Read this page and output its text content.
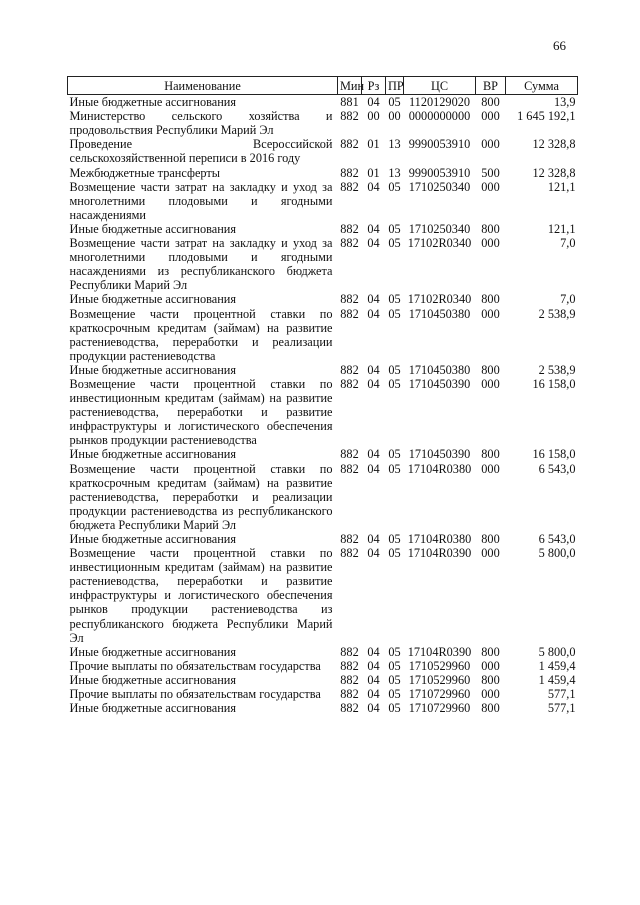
66
Наименование	Мин	Рз	ПР	ЦС	ВР	Сумма
Иные бюджетные ассигнования	881	04	05	1120129020	800	13,9
Министерство сельского хозяйства и продовольствия Республики Марий Эл	882	00	00	0000000000	000	1 645 192,1
Проведение Всероссийской сельскохозяйственной переписи в 2016 году	882	01	13	9990053910	000	12 328,8
Межбюджетные трансферты	882	01	13	9990053910	500	12 328,8
Возмещение части затрат на закладку и уход за многолетними плодовыми и ягодными насаждениями	882	04	05	1710250340	000	121,1
Иные бюджетные ассигнования	882	04	05	1710250340	800	121,1
Возмещение части затрат на закладку и уход за многолетними плодовыми и ягодными насаждениями из республиканского бюджета Республики Марий Эл	882	04	05	17102R0340	000	7,0
Иные бюджетные ассигнования	882	04	05	17102R0340	800	7,0
Возмещение части процентной ставки по краткосрочным кредитам (займам) на развитие растениеводства, переработки и реализации продукции растениеводства	882	04	05	1710450380	000	2 538,9
Иные бюджетные ассигнования	882	04	05	1710450380	800	2 538,9
Возмещение части процентной ставки по инвестиционным кредитам (займам) на развитие растениеводства, переработки и развитие инфраструктуры и логистического обеспечения рынков продукции растениеводства	882	04	05	1710450390	000	16 158,0
Иные бюджетные ассигнования	882	04	05	1710450390	800	16 158,0
Возмещение части процентной ставки по краткосрочным кредитам (займам) на развитие растениеводства, переработки и реализации продукции растениеводства из республиканского бюджета Республики Марий Эл	882	04	05	17104R0380	000	6 543,0
Иные бюджетные ассигнования	882	04	05	17104R0380	800	6 543,0
Возмещение части процентной ставки по инвестиционным кредитам (займам) на развитие растениеводства, переработки и развитие инфраструктуры и логистического обеспечения рынков продукции растениеводства из республиканского бюджета Республики Марий Эл	882	04	05	17104R0390	000	5 800,0
Иные бюджетные ассигнования	882	04	05	17104R0390	800	5 800,0
Прочие выплаты по обязательствам государства	882	04	05	1710529960	000	1 459,4
Иные бюджетные ассигнования	882	04	05	1710529960	800	1 459,4
Прочие выплаты по обязательствам государства	882	04	05	1710729960	000	577,1
Иные бюджетные ассигнования	882	04	05	1710729960	800	577,1
